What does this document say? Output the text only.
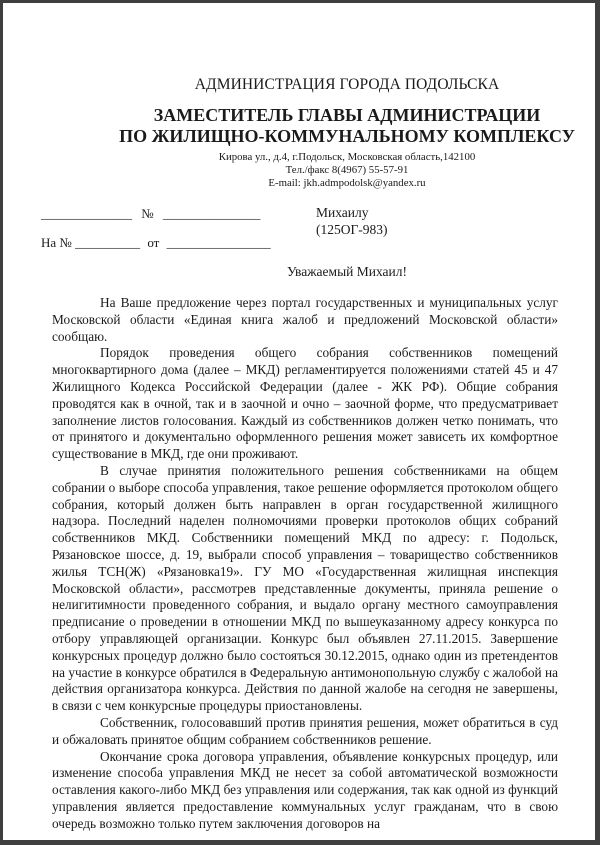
АДМИНИСТРАЦИЯ ГОРОДА ПОДОЛЬСКА
ЗАМЕСТИТЕЛЬ ГЛАВЫ АДМИНИСТРАЦИИ
ПО ЖИЛИЩНО-КОММУНАЛЬНОМУ КОМПЛЕКСУ
Кирова ул., д.4, г.Подольск, Московская область,142100
Тел./факс 8(4967) 55-57-91
E-mail: jkh.admpodolsk@yandex.ru
______________ № _______________
На № __________ от ________________
Михаилу
(125ОГ-983)
Уважаемый Михаил!

На Ваше предложение через портал государственных и муниципальных услуг Московской области «Единая книга жалоб и предложений Московской области» сообщаю.

Порядок проведения общего собрания собственников помещений многоквартирного дома (далее – МКД) регламентируется положениями статей 45 и 47 Жилищного Кодекса Российской Федерации (далее - ЖК РФ). Общие собрания проводятся как в очной, так и в заочной и очно – заочной форме, что предусматривает заполнение листов голосования. Каждый из собственников должен четко понимать, что от принятого и документально оформленного решения может зависеть их комфортное существование в МКД, где они проживают.

В случае принятия положительного решения собственниками на общем собрании о выборе способа управления, такое решение оформляется протоколом общего собрания, который должен быть направлен в орган государственной жилищного надзора. Последний наделен полномочиями проверки протоколов общих собраний собственников МКД. Собственники помещений МКД по адресу: г. Подольск, Рязановское шоссе, д. 19, выбрали способ управления – товарищество собственников жилья ТСН(Ж) «Рязановка19». ГУ МО «Государственная жилищная инспекция Московской области», рассмотрев представленные документы, приняла решение о нелигитимности проведенного собрания, и выдало органу местного самоуправления предписание о проведении в отношении МКД по вышеуказанному адресу конкурса по отбору управляющей организации. Конкурс был объявлен 27.11.2015. Завершение конкурсных процедур должно было состояться 30.12.2015, однако один из претендентов на участие в конкурсе обратился в Федеральную антимонопольную службу с жалобой на действия организатора конкурса. Действия по данной жалобе на сегодня не завершены, в связи с чем конкурсные процедуры приостановлены.

Собственник, голосовавший против принятия решения, может обратиться в суд и обжаловать принятое общим собранием собственников решение.

Окончание срока договора управления, объявление конкурсных процедур, или изменение способа управления МКД не несет за собой автоматической возможности оставления какого-либо МКД без управления или содержания, так как одной из функций управления является предоставление коммунальных услуг гражданам, что в свою очередь возможно только путем заключения договоров на
